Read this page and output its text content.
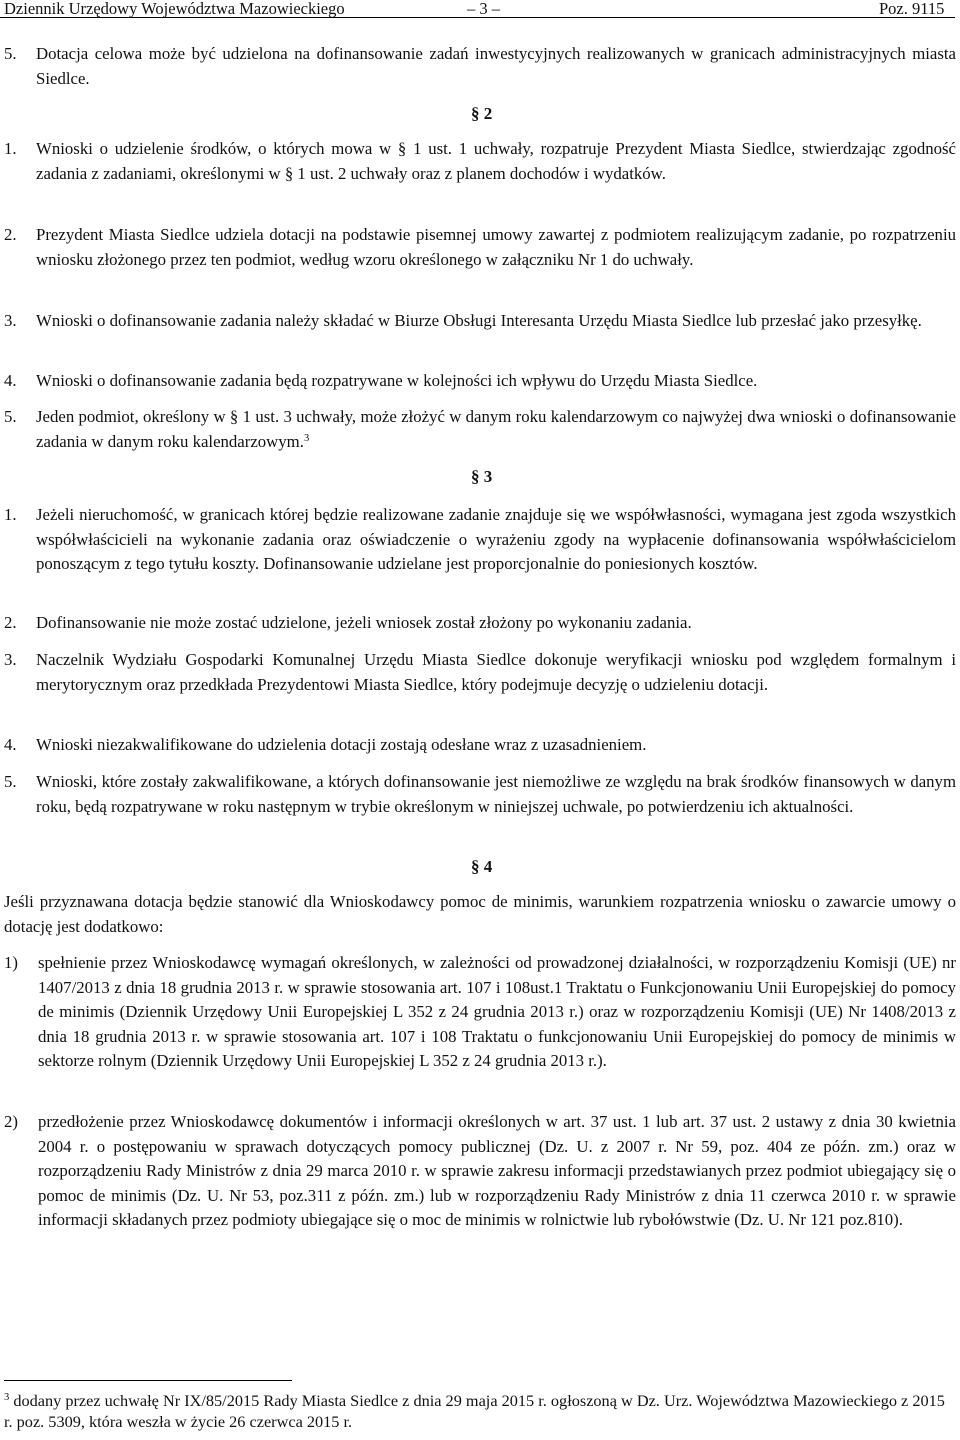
Dziennik Urzędowy Województwa Mazowieckiego	– 3 –	Poz. 9115
5. Dotacja celowa może być udzielona na dofinansowanie zadań inwestycyjnych realizowanych w granicach administracyjnych miasta Siedlce.
§ 2
1. Wnioski o udzielenie środków, o których mowa w § 1 ust. 1 uchwały, rozpatruje Prezydent Miasta Siedlce, stwierdzając zgodność zadania z zadaniami, określonymi w § 1 ust. 2 uchwały oraz z planem dochodów i wydatków.
2. Prezydent Miasta Siedlce udziela dotacji na podstawie pisemnej umowy zawartej z podmiotem realizującym zadanie, po rozpatrzeniu wniosku złożonego przez ten podmiot, według wzoru określonego w załączniku Nr 1 do uchwały.
3. Wnioski o dofinansowanie zadania należy składać w Biurze Obsługi Interesanta Urzędu Miasta Siedlce lub przesłać jako przesyłkę.
4. Wnioski o dofinansowanie zadania będą rozpatrywane w kolejności ich wpływu do Urzędu Miasta Siedlce.
5. Jeden podmiot, określony w § 1 ust. 3 uchwały, może złożyć w danym roku kalendarzowym co najwyżej dwa wnioski o dofinansowanie zadania w danym roku kalendarzowym.$^3$
§ 3
1. Jeżeli nieruchomość, w granicach której będzie realizowane zadanie znajduje się we współwłasności, wymagana jest zgoda wszystkich współwłaścicieli na wykonanie zadania oraz oświadczenie o wyrażeniu zgody na wypłacenie dofinansowania współwłaścicielom ponoszącym z tego tytułu koszty. Dofinansowanie udzielane jest proporcjonalnie do poniesionych kosztów.
2. Dofinansowanie nie może zostać udzielone, jeżeli wniosek został złożony po wykonaniu zadania.
3. Naczelnik Wydziału Gospodarki Komunalnej Urzędu Miasta Siedlce dokonuje weryfikacji wniosku pod względem formalnym i merytorycznym oraz przedkłada Prezydentowi Miasta Siedlce, który podejmuje decyzję o udzieleniu dotacji.
4. Wnioski niezakwalifikowane do udzielenia dotacji zostają odesłane wraz z uzasadnieniem.
5. Wnioski, które zostały zakwalifikowane, a których dofinansowanie jest niemożliwe ze względu na brak środków finansowych w danym roku, będą rozpatrywane w roku następnym w trybie określonym w niniejszej uchwale, po potwierdzeniu ich aktualności.
§ 4
Jeśli przyznawana dotacja będzie stanowić dla Wnioskodawcy pomoc de minimis, warunkiem rozpatrzenia wniosku o zawarcie umowy o dotację jest dodatkowo:
1) spełnienie przez Wnioskodawcę wymagań określonych, w zależności od prowadzonej działalności, w rozporządzeniu Komisji (UE) nr 1407/2013 z dnia 18 grudnia 2013 r. w sprawie stosowania art. 107 i 108ust.1 Traktatu o Funkcjonowaniu Unii Europejskiej do pomocy de minimis (Dziennik Urzędowy Unii Europejskiej L 352 z 24 grudnia 2013 r.) oraz w rozporządzeniu Komisji (UE) Nr 1408/2013 z dnia 18 grudnia 2013 r. w sprawie stosowania art. 107 i 108 Traktatu o funkcjonowaniu Unii Europejskiej do pomocy de minimis w sektorze rolnym (Dziennik Urzędowy Unii Europejskiej L 352 z 24 grudnia 2013 r.).
2) przedłożenie przez Wnioskodawcę dokumentów i informacji określonych w art. 37 ust. 1 lub art. 37 ust. 2 ustawy z dnia 30 kwietnia 2004 r. o postępowaniu w sprawach dotyczących pomocy publicznej (Dz. U. z 2007 r. Nr 59, poz. 404 ze późn. zm.) oraz w rozporządzeniu Rady Ministrów z dnia 29 marca 2010 r. w sprawie zakresu informacji przedstawianych przez podmiot ubiegający się o pomoc de minimis (Dz. U. Nr 53, poz.311 z późn. zm.) lub w rozporządzeniu Rady Ministrów z dnia 11 czerwca 2010 r. w sprawie informacji składanych przez podmioty ubiegające się o moc de minimis w rolnictwie lub rybołówstwie (Dz. U. Nr 121 poz.810).
$^3$ dodany przez uchwałę Nr IX/85/2015 Rady Miasta Siedlce z dnia 29 maja 2015 r. ogłoszoną w Dz. Urz. Województwa Mazowieckiego z 2015 r. poz. 5309, która weszła w życie 26 czerwca 2015 r.
